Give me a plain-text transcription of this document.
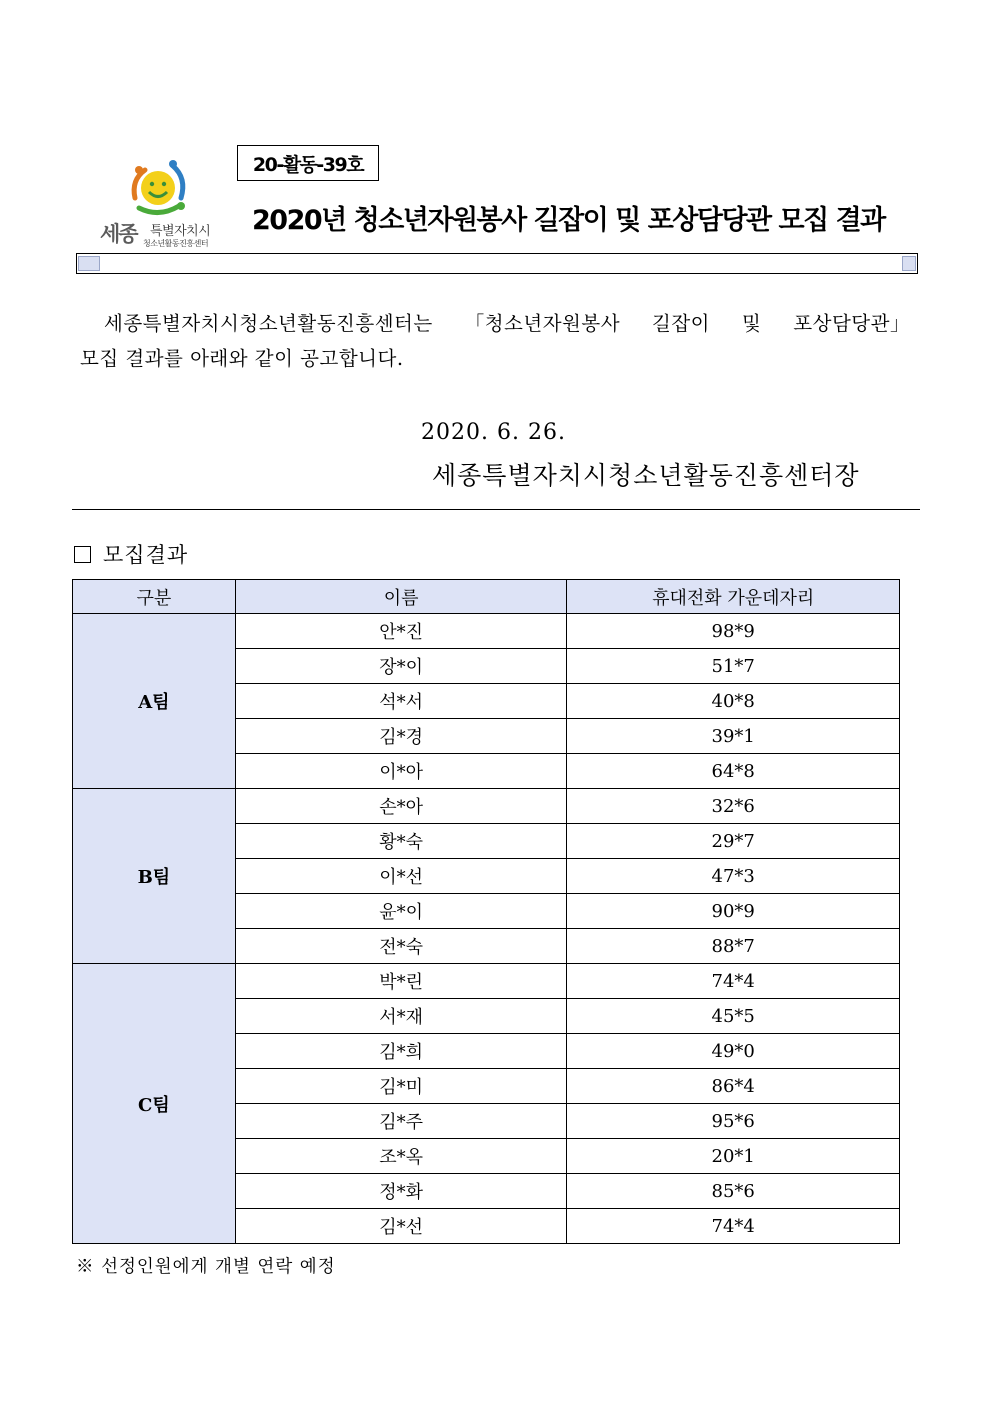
20-활동-39호
세종 특별자치시
청소년활동진흥센터
2020년 청소년자원봉사 길잡이 및 포상담당관 모집 결과
세종특별자치시청소년활동진흥센터는 「청소년자원봉사 길잡이 및 포상담당관」
모집 결과를 아래와 같이 공고합니다.
2020. 6. 26.
세종특별자치시청소년활동진흥센터장
모집결과
구분	이름	휴대전화 가운데자리
A팀	안*진	98*9
	장*이	51*7
	석*서	40*8
	김*경	39*1
	이*아	64*8
B팀	손*아	32*6
	황*숙	29*7
	이*선	47*3
	윤*이	90*9
	전*숙	88*7
C팀	박*린	74*4
	서*재	45*5
	김*희	49*0
	김*미	86*4
	김*주	95*6
	조*옥	20*1
	정*화	85*6
	김*선	74*4
※ 선정인원에게 개별 연락 예정
